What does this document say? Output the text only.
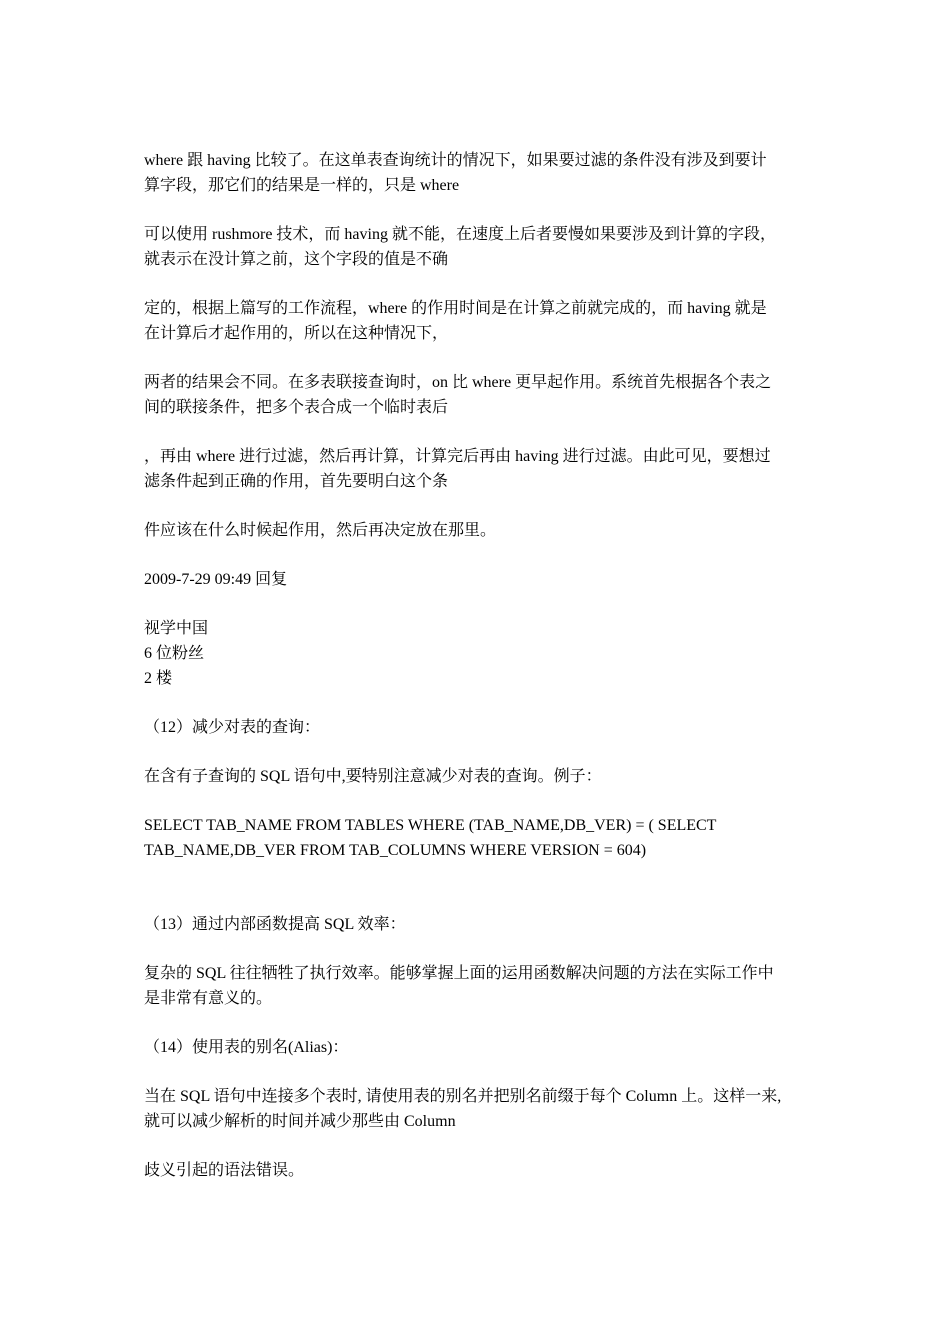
where 跟 having 比较了。在这单表查询统计的情况下，如果要过滤的条件没有涉及到要计
算字段，那它们的结果是一样的，只是 where
可以使用 rushmore 技术，而 having 就不能，在速度上后者要慢如果要涉及到计算的字段，
就表示在没计算之前，这个字段的值是不确
定的，根据上篇写的工作流程，where 的作用时间是在计算之前就完成的，而 having 就是
在计算后才起作用的，所以在这种情况下，
两者的结果会不同。在多表联接查询时，on 比 where 更早起作用。系统首先根据各个表之
间的联接条件，把多个表合成一个临时表后
，再由 where 进行过滤，然后再计算，计算完后再由 having 进行过滤。由此可见，要想过
滤条件起到正确的作用，首先要明白这个条
件应该在什么时候起作用，然后再决定放在那里。
2009-7-29 09:49 回复
视学中国
6 位粉丝
2 楼
（12）减少对表的查询：
在含有子查询的 SQL 语句中,要特别注意减少对表的查询。例子：
SELECT TAB_NAME FROM TABLES WHERE (TAB_NAME,DB_VER) = ( SELECT
TAB_NAME,DB_VER FROM TAB_COLUMNS WHERE VERSION = 604)
（13）通过内部函数提高 SQL 效率：
复杂的 SQL 往往牺牲了执行效率。能够掌握上面的运用函数解决问题的方法在实际工作中
是非常有意义的。
（14）使用表的别名(Alias)：
当在 SQL 语句中连接多个表时, 请使用表的别名并把别名前缀于每个 Column 上。这样一来,
就可以减少解析的时间并减少那些由 Column
歧义引起的语法错误。
